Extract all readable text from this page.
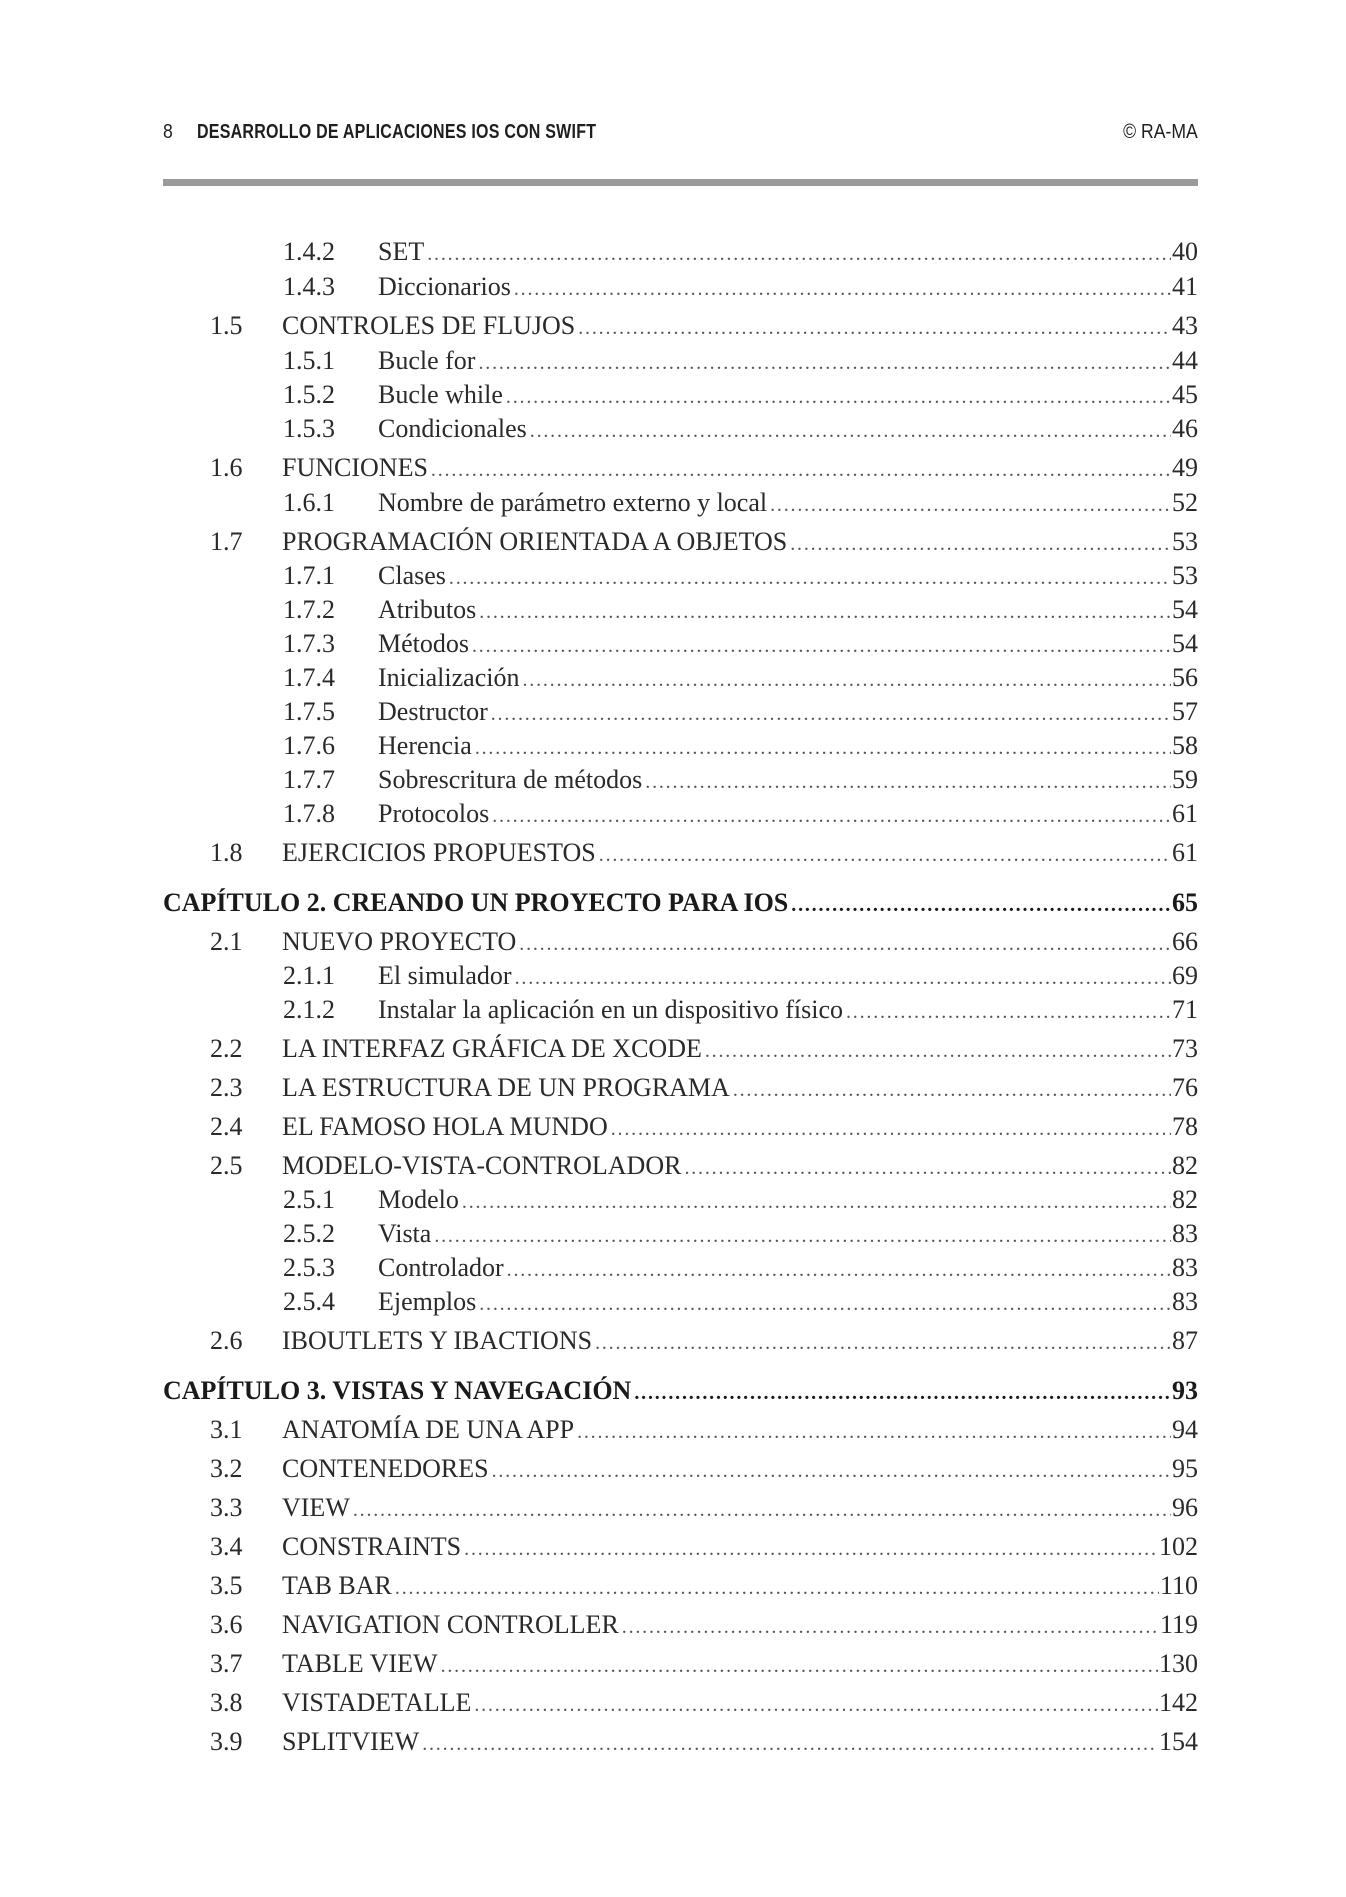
8 DESARROLLO DE APLICACIONES IOS CON SWIFT	© RA-MA
1.4.2	SET . . .	40
1.4.3	Diccionarios . . .	41
1.5	CONTROLES DE FLUJOS . . .	43
1.5.1	Bucle for . . .	44
1.5.2	Bucle while . . .	45
1.5.3	Condicionales . . .	46
1.6	FUNCIONES . . .	49
1.6.1	Nombre de parámetro externo y local . . .	52
1.7	PROGRAMACIÓN ORIENTADA A OBJETOS . . .	53
1.7.1	Clases . . .	53
1.7.2	Atributos . . .	54
1.7.3	Métodos . . .	54
1.7.4	Inicialización . . .	56
1.7.5	Destructor . . .	57
1.7.6	Herencia . . .	58
1.7.7	Sobrescritura de métodos . . .	59
1.7.8	Protocolos . . .	61
1.8	EJERCICIOS PROPUESTOS . . .	61
CAPÍTULO 2. CREANDO UN PROYECTO PARA IOS . . .	65
2.1	NUEVO PROYECTO . . .	66
2.1.1	El simulador . . .	69
2.1.2	Instalar la aplicación en un dispositivo físico . . .	71
2.2	LA INTERFAZ GRÁFICA DE XCODE . . .	73
2.3	LA ESTRUCTURA DE UN PROGRAMA . . .	76
2.4	EL FAMOSO HOLA MUNDO . . .	78
2.5	MODELO-VISTA-CONTROLADOR . . .	82
2.5.1	Modelo . . .	82
2.5.2	Vista . . .	83
2.5.3	Controlador . . .	83
2.5.4	Ejemplos . . .	83
2.6	IBOUTLETS Y IBACTIONS . . .	87
CAPÍTULO 3. VISTAS Y NAVEGACIÓN . . .	93
3.1	ANATOMÍA DE UNA APP . . .	94
3.2	CONTENEDORES . . .	95
3.3	VIEW . . .	96
3.4	CONSTRAINTS . . .	102
3.5	TAB BAR . . .	110
3.6	NAVIGATION CONTROLLER . . .	119
3.7	TABLE VIEW . . .	130
3.8	VISTADETALLE . . .	142
3.9	SPLITVIEW . . .	154
